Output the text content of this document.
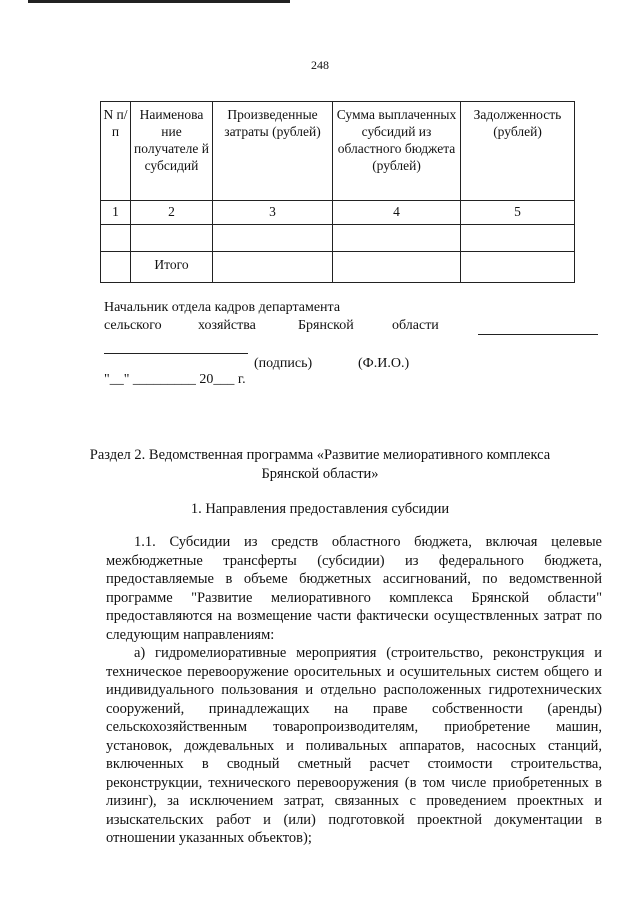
248
N п/п	Наименова ние получателе й субсидий	Произведенные затраты (рублей)	Сумма выплаченных субсидий из областного бюджета (рублей)	Задолженность (рублей)
1	2	3	4	5

	Итого			
Начальник отдела кадров департамента
сельского	хозяйства	Брянской	области
(подпись)	(Ф.И.О.)
"__" _________ 20___ г.
Раздел 2. Ведомственная программа «Развитие мелиоративного комплекса
Брянской области»
1. Направления предоставления субсидии
1.1. Субсидии из средств областного бюджета, включая целевые межбюджетные трансферты (субсидии) из федерального бюджета, предоставляемые в объеме бюджетных ассигнований, по ведомственной программе "Развитие мелиоративного комплекса Брянской области" предоставляются на возмещение части фактически осуществленных затрат по следующим направлениям:
а) гидромелиоративные мероприятия (строительство, реконструкция и техническое перевооружение оросительных и осушительных систем общего и индивидуального пользования и отдельно расположенных гидротехнических сооружений, принадлежащих на праве собственности (аренды) сельскохозяйственным товаропроизводителям, приобретение машин, установок, дождевальных и поливальных аппаратов, насосных станций, включенных в сводный сметный расчет стоимости строительства, реконструкции, технического перевооружения (в том числе приобретенных в лизинг), за исключением затрат, связанных с проведением проектных и изыскательских работ и (или) подготовкой проектной документации в отношении указанных объектов);
